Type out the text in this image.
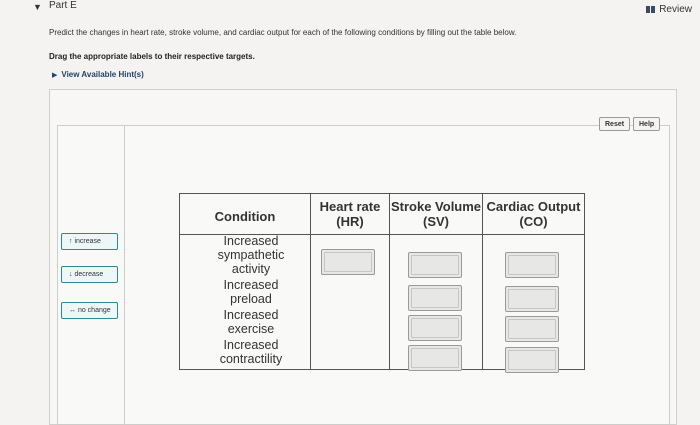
▼ Part E	Review
Predict the changes in heart rate, stroke volume, and cardiac output for each of the following conditions by filling out the table below.
Drag the appropriate labels to their respective targets.
▶ View Available Hint(s)
Reset	Help
↑
increase
↓
decrease
↔
no change
Condition
Heart rate (HR)
Stroke Volume (SV)
Cardiac Output (CO)
Increased sympathetic activity
Increased preload
Increased exercise
Increased contractility
